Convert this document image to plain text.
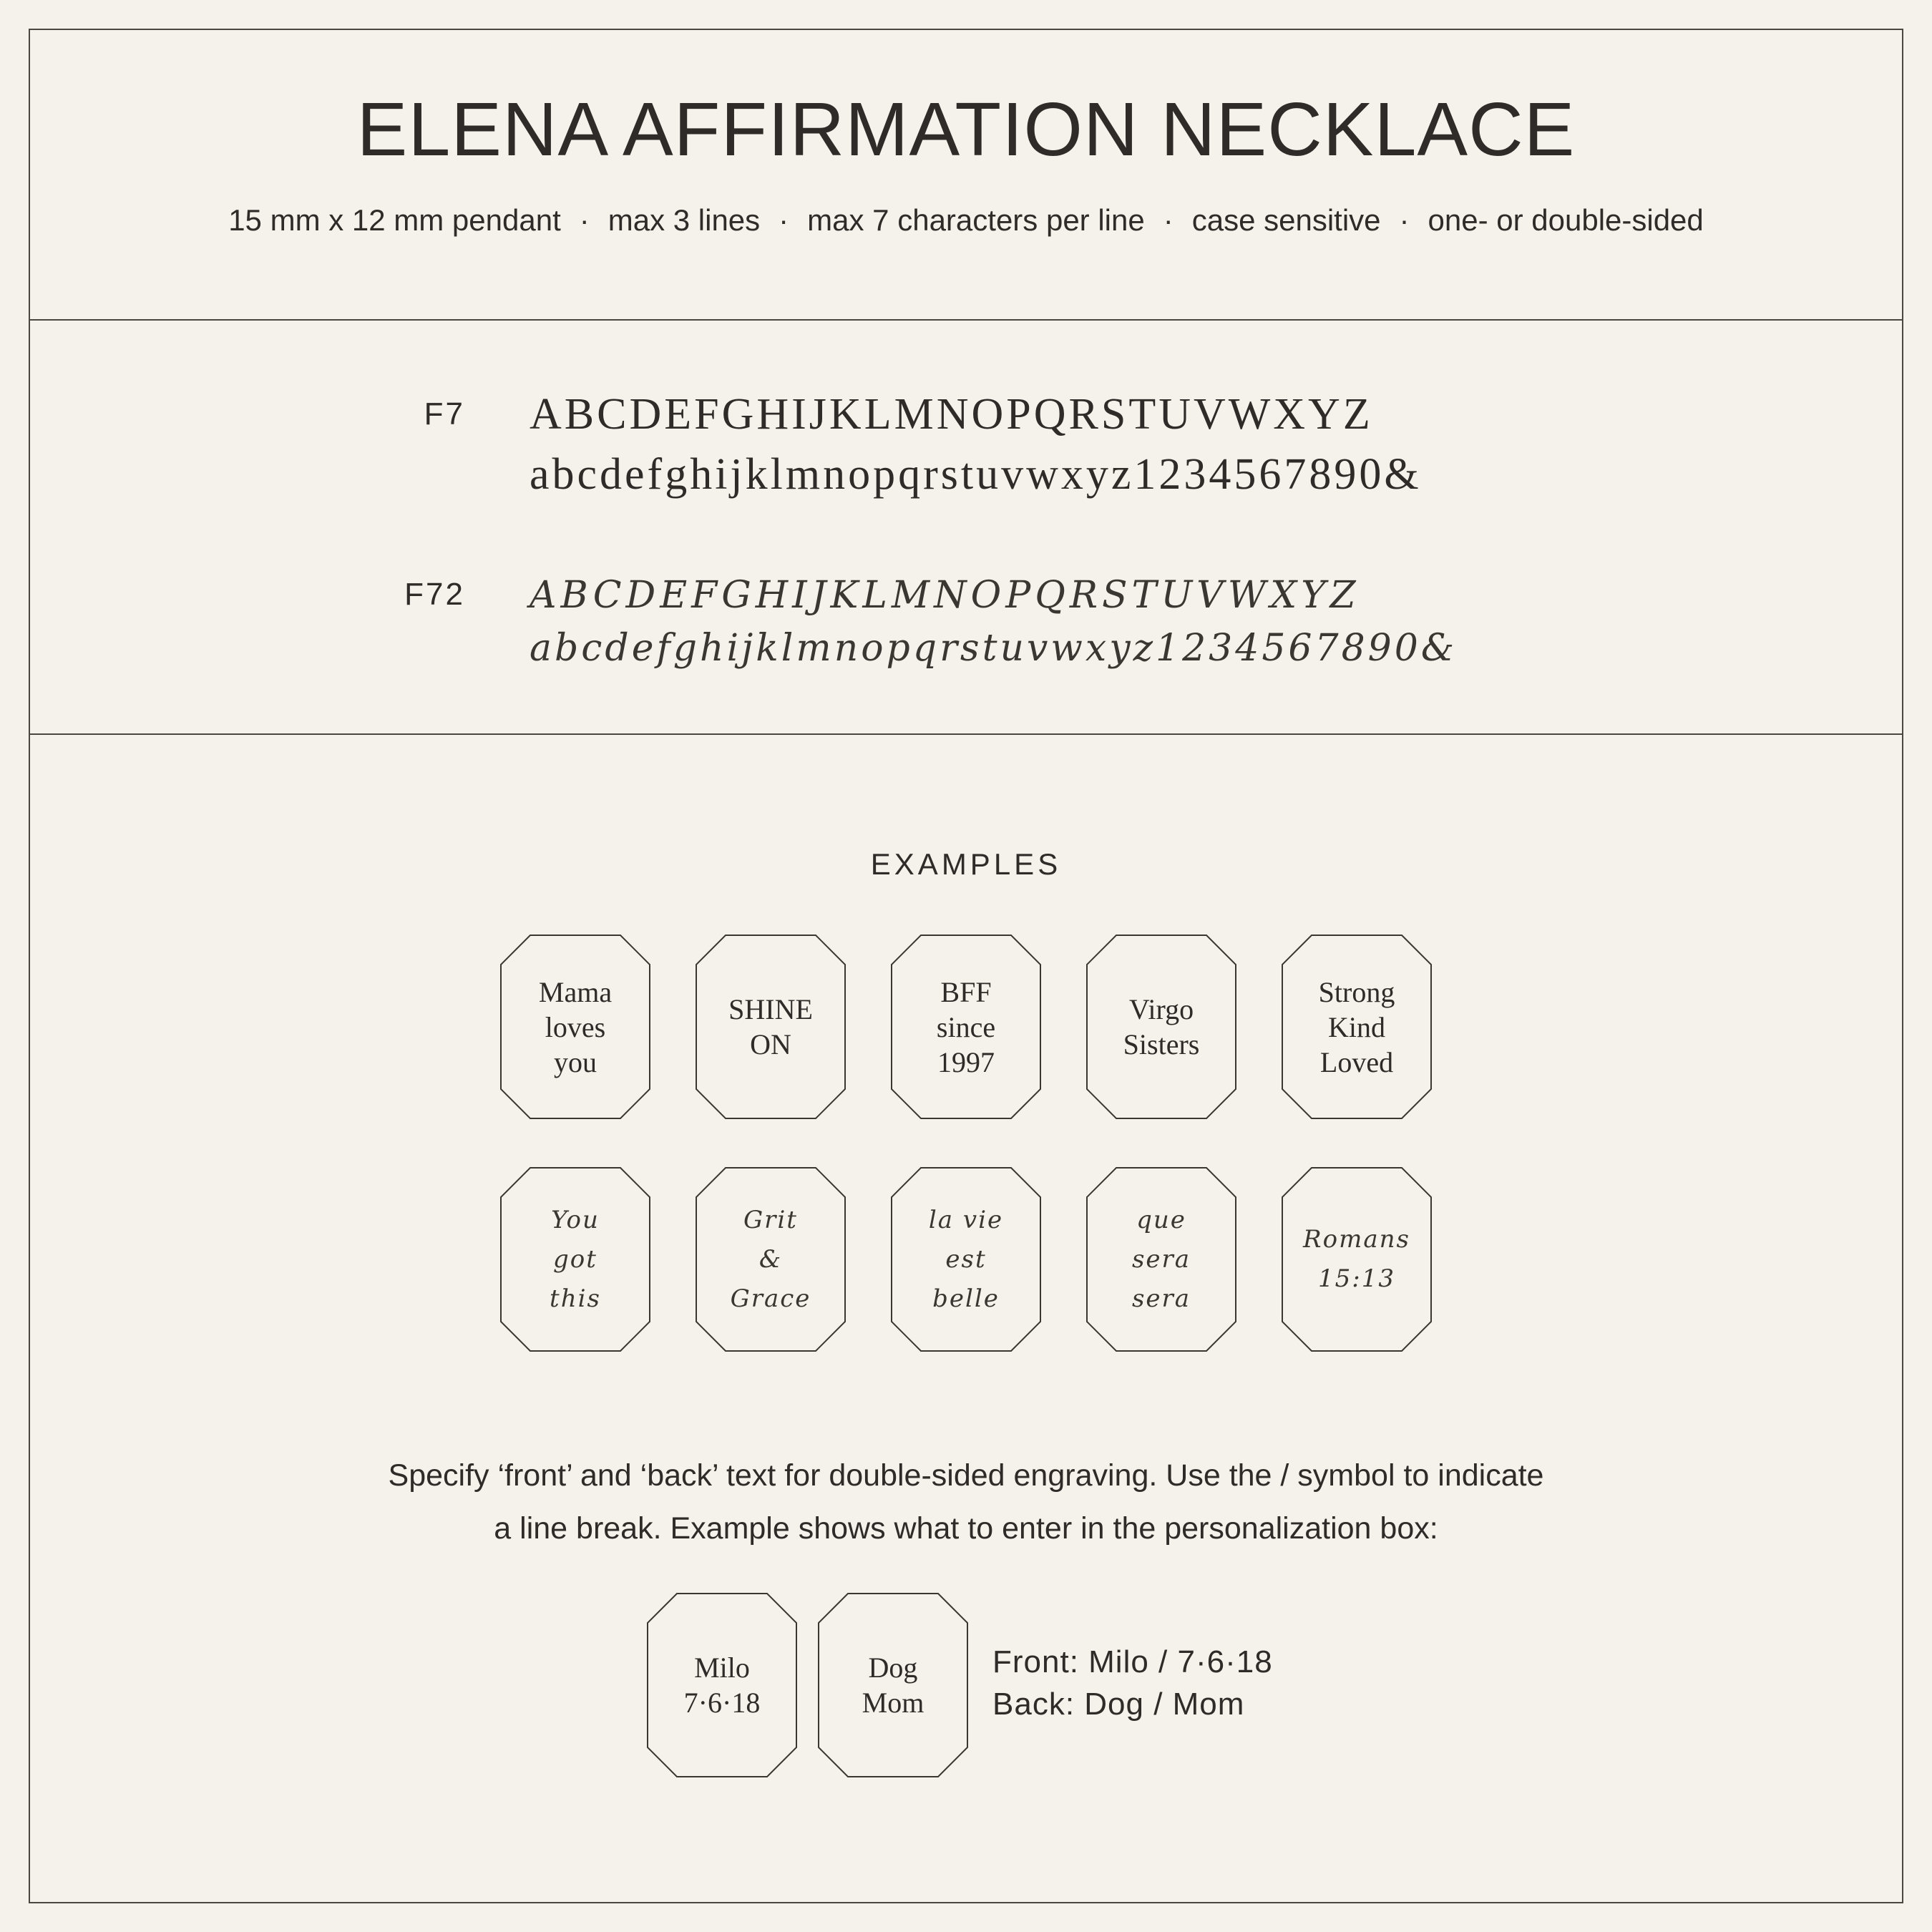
ELENA AFFIRMATION NECKLACE
15 mm x 12 mm pendant · max 3 lines · max 7 characters per line · case sensitive · one- or double-sided
F7 ABCDEFGHIJKLMNOPQRSTUVWXYZ
abcdefghijklmnopqrstuvwxyz1234567890&
F72 ABCDEFGHIJKLMNOPQRSTUVWXYZ
abcdefghijklmnopqrstuvwxyz1234567890&
EXAMPLES
Mama
loves
you
SHINE
ON
BFF
since
1997
Virgo
Sisters
Strong
Kind
Loved
You
got
this
Grit
&
Grace
la vie
est
belle
que
sera
sera
Romans
15:13
Specify ‘front’ and ‘back’ text for double-sided engraving. Use the / symbol to indicate
a line break. Example shows what to enter in the personalization box:
Milo
7·6·18
Dog
Mom
Front: Milo / 7·6·18
Back: Dog / Mom
